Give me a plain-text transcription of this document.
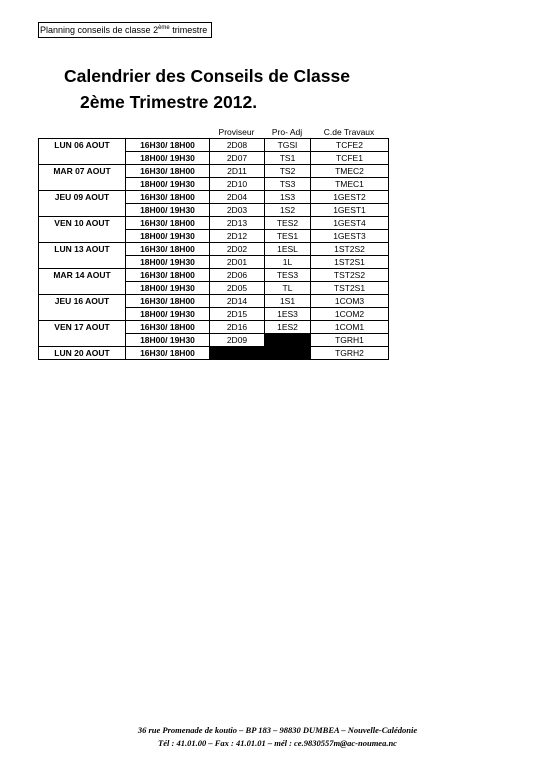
Planning conseils de classe 2ème trimestre
Calendrier des Conseils de Classe
2ème Trimestre 2012.
Proviseur	Pro- Adj	C.de Travaux
LUN 06 AOUT	16H30/ 18H00	2D08	TGSI	TCFE2
	18H00/ 19H30	2D07	TS1	TCFE1
MAR 07 AOUT	16H30/ 18H00	2D11	TS2	TMEC2
	18H00/ 19H30	2D10	TS3	TMEC1
JEU 09 AOUT	16H30/ 18H00	2D04	1S3	1GEST2
	18H00/ 19H30	2D03	1S2	1GEST1
VEN 10 AOUT	16H30/ 18H00	2D13	TES2	1GEST4
	18H00/ 19H30	2D12	TES1	1GEST3
LUN 13 AOUT	16H30/ 18H00	2D02	1ESL	1ST2S2
	18H00/ 19H30	2D01	1L	1ST2S1
MAR 14 AOUT	16H30/ 18H00	2D06	TES3	TST2S2
	18H00/ 19H30	2D05	TL	TST2S1
JEU 16 AOUT	16H30/ 18H00	2D14	1S1	1COM3
	18H00/ 19H30	2D15	1ES3	1COM2
VEN 17 AOUT	16H30/ 18H00	2D16	1ES2	1COM1
	18H00/ 19H30	2D09		TGRH1
LUN 20 AOUT	16H30/ 18H00			TGRH2
36 rue Promenade de koutio – BP 183 – 98830 DUMBEA – Nouvelle-Calédonie
Tél : 41.01.00 – Fax : 41.01.01 – mél : ce.9830557m@ac-noumea.nc
